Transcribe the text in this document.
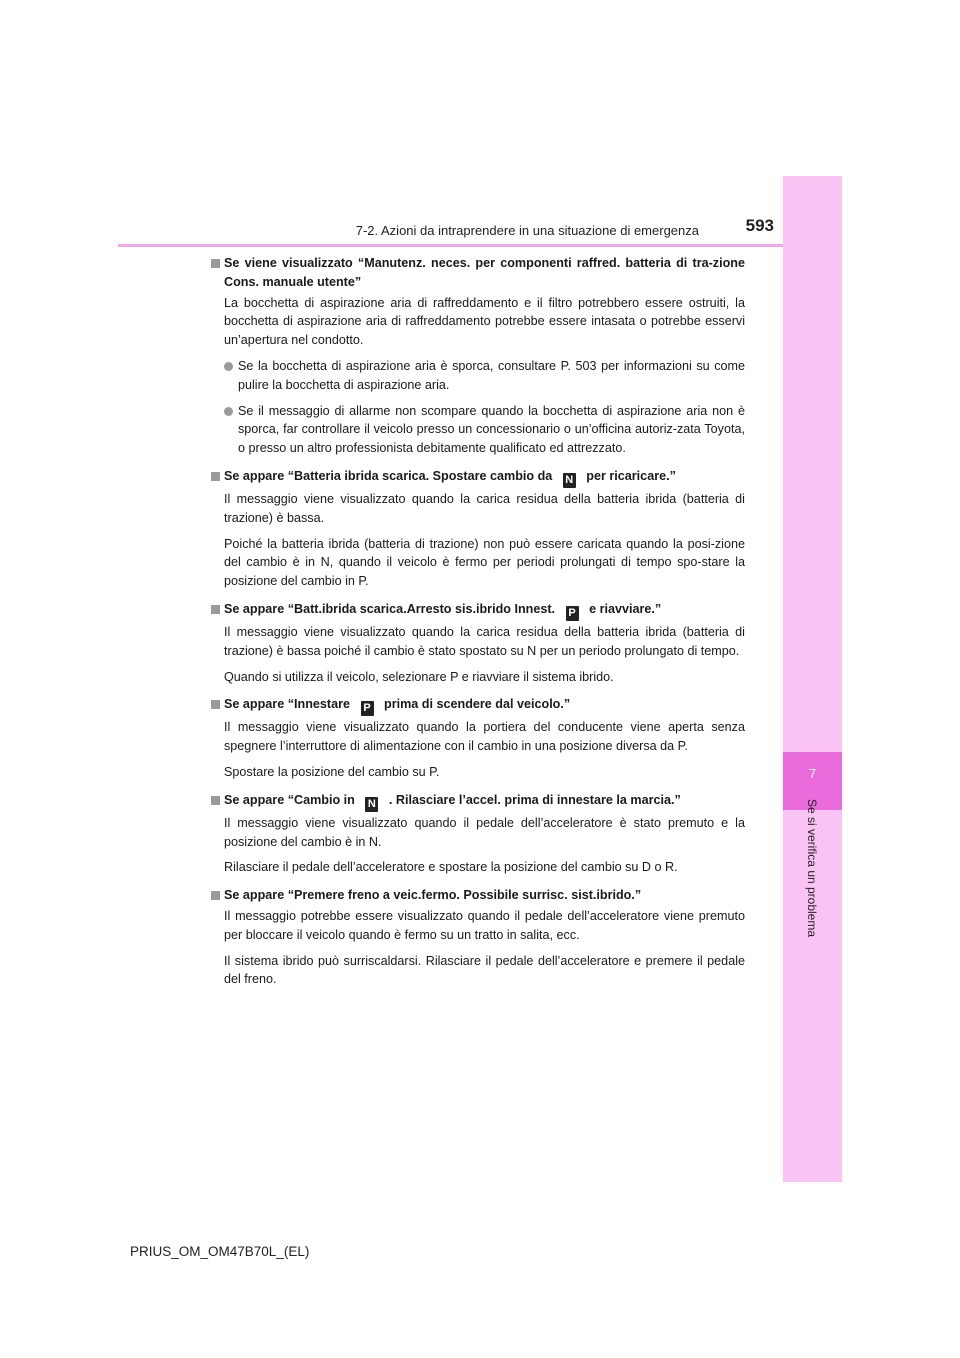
7
Se si verifica un problema
7-2. Azioni da intraprendere in una situazione di emergenza	593
Se viene visualizzato “Manutenz. neces. per componenti raffred. batteria di tra-zione Cons. manuale utente”

La bocchetta di aspirazione aria di raffreddamento e il filtro potrebbero essere ostruiti, la bocchetta di aspirazione aria di raffreddamento potrebbe essere intasata o potrebbe esservi un’apertura nel condotto.

Se la bocchetta di aspirazione aria è sporca, consultare P. 503 per informazioni su come pulire la bocchetta di aspirazione aria.
Se il messaggio di allarme non scompare quando la bocchetta di aspirazione aria non è sporca, far controllare il veicolo presso un concessionario o un’officina autoriz-zata Toyota, o presso un altro professionista debitamente qualificato ed attrezzato.
Se appare “Batteria ibrida scarica. Spostare cambio da N per ricaricare.”

Il messaggio viene visualizzato quando la carica residua della batteria ibrida (batteria di trazione) è bassa.

Poiché la batteria ibrida (batteria di trazione) non può essere caricata quando la posi-zione del cambio è in N, quando il veicolo è fermo per periodi prolungati di tempo spo-stare la posizione del cambio in P.

Se appare “Batt.ibrida scarica.Arresto sis.ibrido Innest. P e riavviare.”

Il messaggio viene visualizzato quando la carica residua della batteria ibrida (batteria di trazione) è bassa poiché il cambio è stato spostato su N per un periodo prolungato di tempo.

Quando si utilizza il veicolo, selezionare P e riavviare il sistema ibrido.

Se appare “Innestare P prima di scendere dal veicolo.”

Il messaggio viene visualizzato quando la portiera del conducente viene aperta senza spegnere l’interruttore di alimentazione con il cambio in una posizione diversa da P.

Spostare la posizione del cambio su P.

Se appare “Cambio in N . Rilasciare l’accel. prima di innestare la marcia.”

Il messaggio viene visualizzato quando il pedale dell’acceleratore è stato premuto e la posizione del cambio è in N.

Rilasciare il pedale dell’acceleratore e spostare la posizione del cambio su D o R.

Se appare “Premere freno a veic.fermo. Possibile surrisc. sist.ibrido.”

Il messaggio potrebbe essere visualizzato quando il pedale dell’acceleratore viene premuto per bloccare il veicolo quando è fermo su un tratto in salita, ecc.

Il sistema ibrido può surriscaldarsi. Rilasciare il pedale dell’acceleratore e premere il pedale del freno.

PRIUS_OM_OM47B70L_(EL)
